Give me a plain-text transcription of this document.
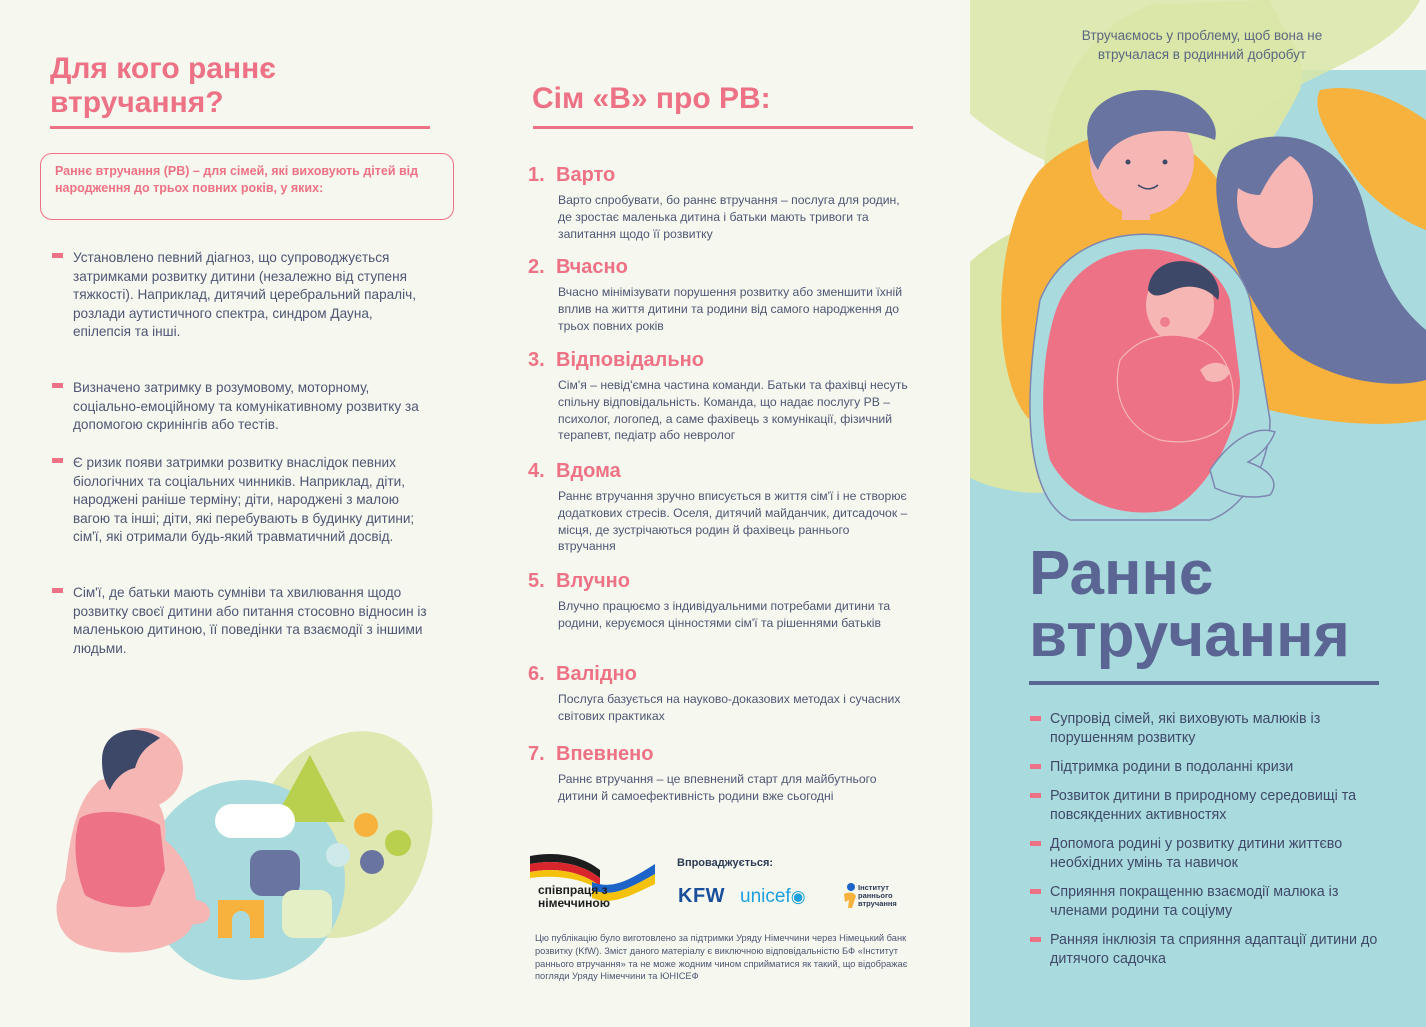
Для кого раннє
втручання?
Раннє втручання (РВ) – для сімей, які виховують дітей від народження до трьох повних років, у яких:
Установлено певний діагноз, що супроводжується затримками розвитку дитини (незалежно від ступеня тяжкості). Наприклад, дитячий церебральний параліч, розлади аутистичного спектра, синдром Дауна, епілепсія та інші.
Визначено затримку в розумовому, моторному, соціально-емоційному та комунікативному розвитку за допомогою скринінгів або тестів.
Є ризик появи затримки розвитку внаслідок певних біологічних та соціальних чинників. Наприклад, діти, народжені раніше терміну; діти, народжені з малою вагою та інші; діти, які перебувають в будинку дитини; сім'ї, які отримали будь-який травматичний досвід.
Сім'ї, де батьки мають сумніви та хвилювання щодо розвитку своєї дитини або питання стосовно відносин із маленькою дитиною, її поведінки та взаємодії з іншими людьми.
Сім «В» про РВ:
1. Варто
Варто спробувати, бо раннє втручання – послуга для родин, де зростає маленька дитина і батьки мають тривоги та запитання щодо її розвитку
2. Вчасно
Вчасно мінімізувати порушення розвитку або зменшити їхній вплив на життя дитини та родини від самого народження до трьох повних років
3. Відповідально
Сім'я – невід'ємна частина команди. Батьки та фахівці несуть спільну відповідальність. Команда, що надає послугу РВ – психолог, логопед, а саме фахівець з комунікації, фізичний терапевт, педіатр або невролог
4. Вдома
Раннє втручання зручно вписується в життя сім'ї і не створює додаткових стресів. Оселя, дитячий майданчик, дитсадочок – місця, де зустрічаються родин й фахівець раннього втручання
5. Влучно
Влучно працюємо з індивідуальними потребами дитини та родини, керуємося цінностями сім'ї та рішеннями батьків
6. Валідно
Послуга базується на науково-доказових методах і сучасних світових практиках
7. Впевнено
Раннє втручання – це впевнений старт для майбутнього дитини й самоефективність родини вже сьогодні
співпраця з
німеччиною
Впроваджується:
KFW unicef◉	Інститут раннього втручання
Цю публікацію було виготовлено за підтримки Уряду Німеччини через Німецький банк розвитку (KfW). Зміст даного матеріалу є виключною відповідальністю БФ «Інститут раннього втручання» та не може жодним чином сприйматися як такий, що відображає погляди Уряду Німеччини та ЮНІСЕФ
Втручаємось у проблему, щоб вона не втручалася в родинний добробут
Раннє
втручання
Супровід сімей, які виховують малюків із порушенням розвитку
Підтримка родини в подоланні кризи
Розвиток дитини в природному середовищі та повсякденних активностях
Допомога родині у розвитку дитини життєво необхідних умінь та навичок
Сприяння покращенню взаємодії малюка із членами родини та соціуму
Ранняя інклюзія та сприяння адаптації дитини до дитячого садочка
